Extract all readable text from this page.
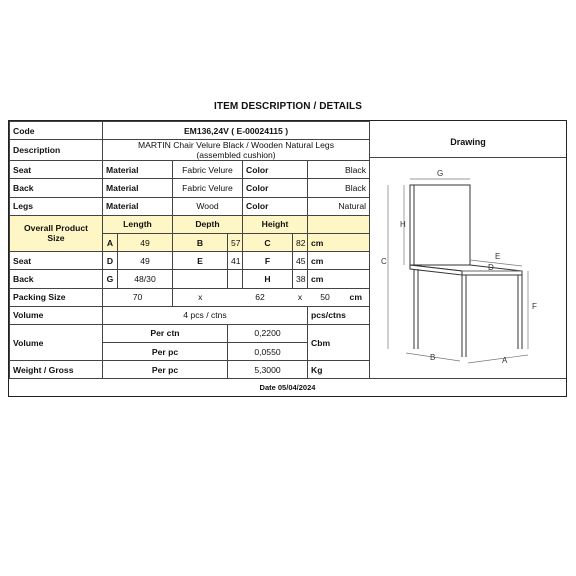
ITEM DESCRIPTION / DETAILS
Code	EM136,24V ( E-00024115 )							
Description	MARTIN Chair Velure Black / Wooden Natural Legs
(assembled cushion)							

Seat	Material		Fabric Velure		Color		Black	
Back	Material		Fabric Velure		Color		Black	
Legs	Material		Wood		Color		Natural	

Overall Product
Size	Length		Depth		Height			
	A	49	B	57	C	82	cm	
Seat	D	49	E	41	F	45	cm	
Back	G	48/30			H	38	cm	
Packing Size	70		x	62		x	50	cm
Volume	4 pcs / ctns						pcs/ctns	
Volume	Per ctn			0,2200			Cbm	
	Per pc			0,0550				
Weight / Gross	Per pc			5,3000			Kg	
Drawing
G
H
C
E
D
F
B	A
Date 05/04/2024
